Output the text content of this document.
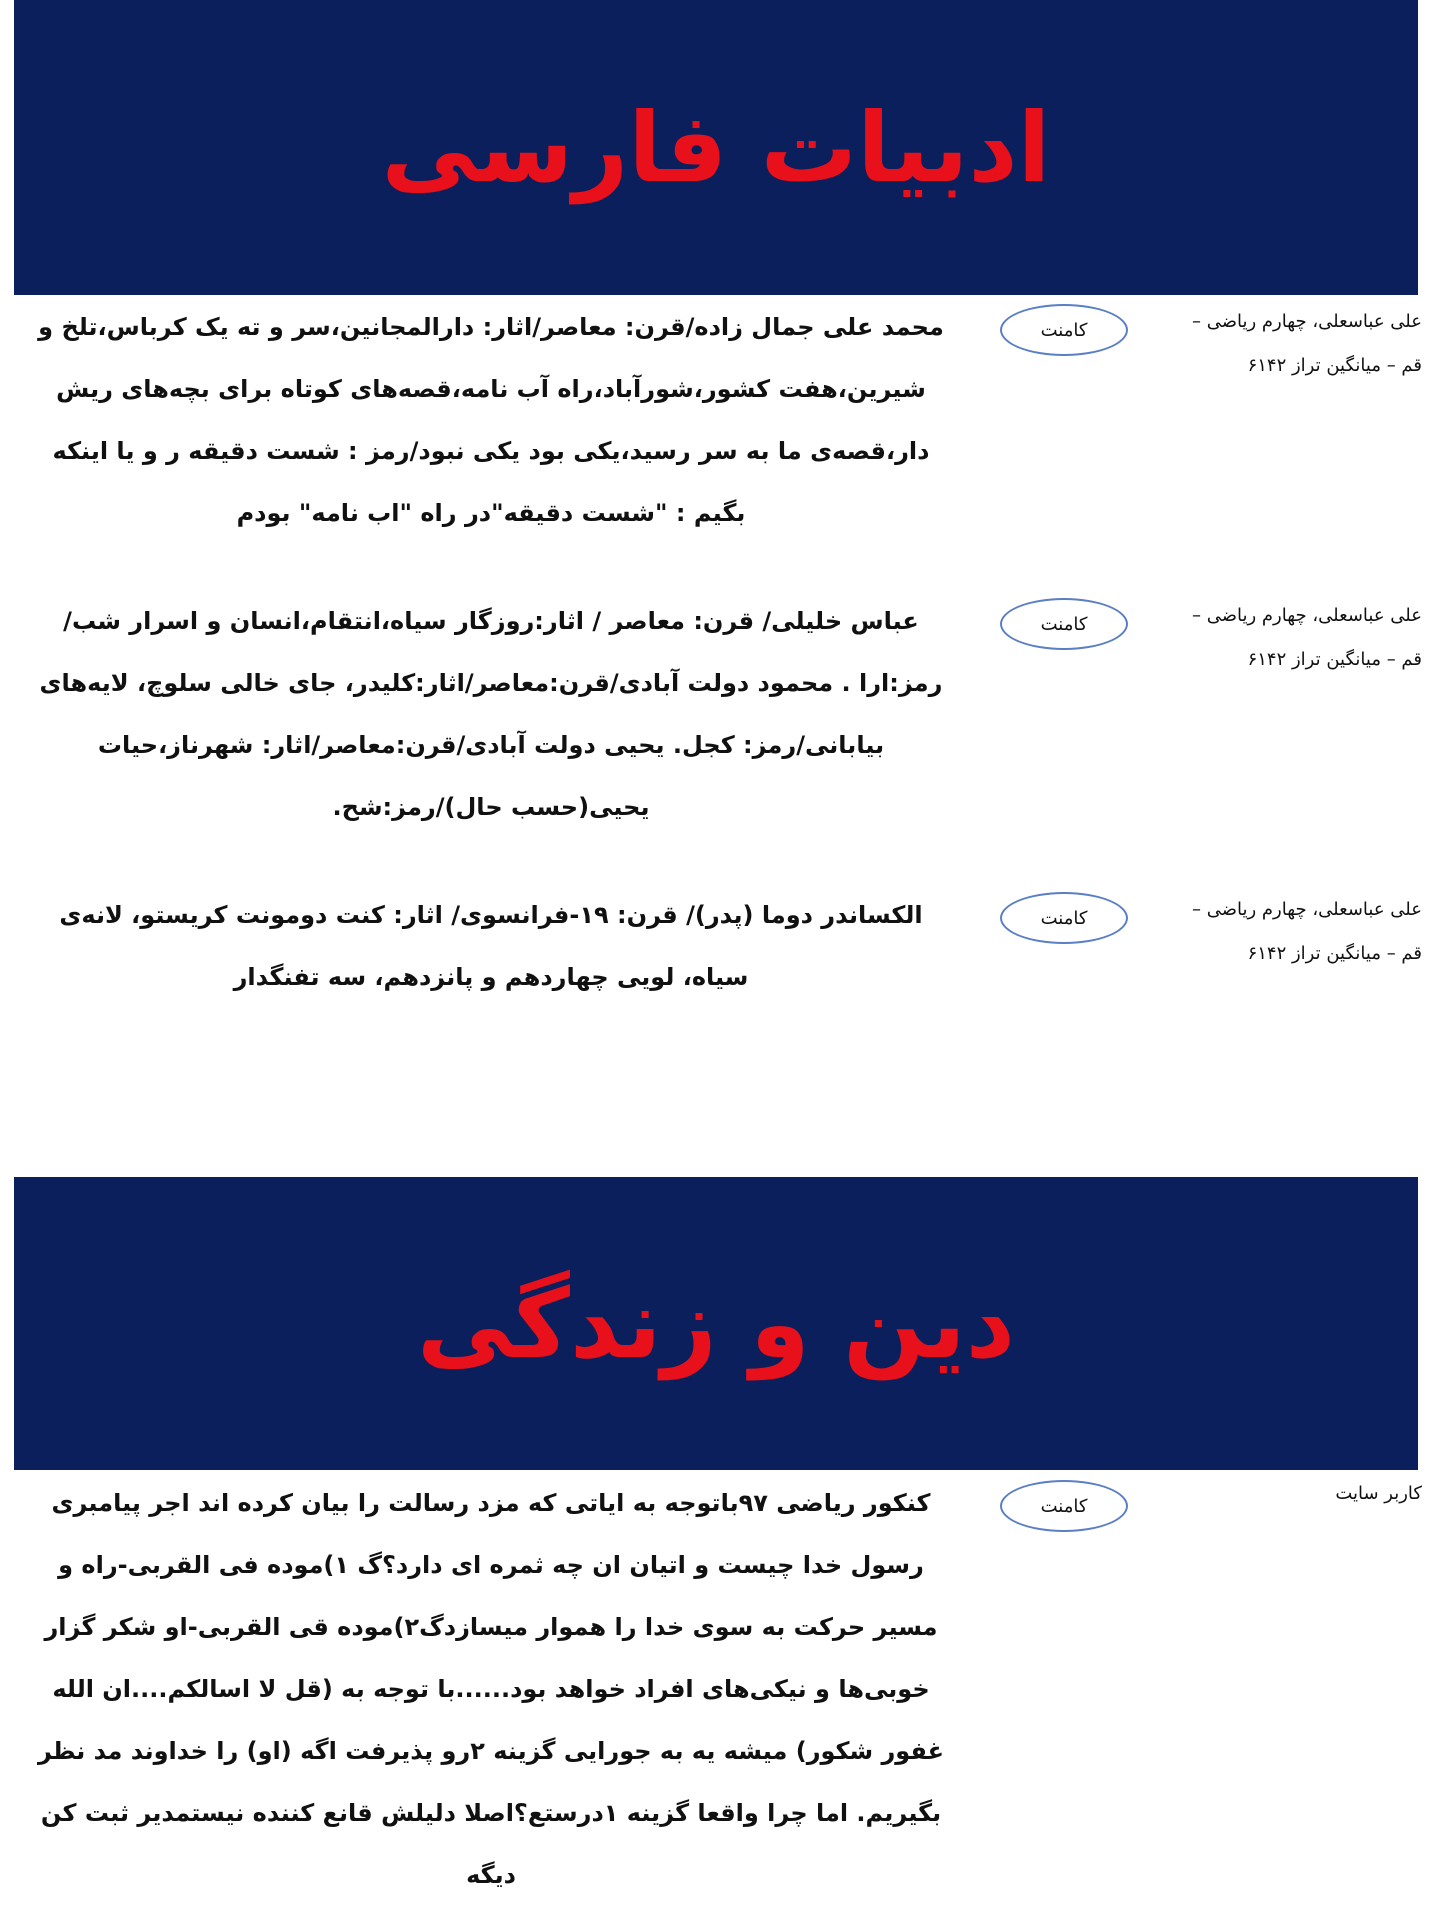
ادبیات فارسی
علی عباسعلی، چهارم ریاضی –
قم – میانگین تراز ۶۱۴۲
کامنت
محمد علی جمال زاده/قرن: معاصر/اثار: دارالمجانین،سر و ته یک کرباس،تلخ و شیرین،هفت کشور،شورآباد،راه آب نامه،قصه‌های کوتاه برای بچه‌های ریش دار،قصه‌ی ما به سر رسید،یکی بود یکی نبود/رمز : شست دقیقه ر و یا اینکه بگیم : "شست دقیقه"در راه "اب نامه" بودم
علی عباسعلی، چهارم ریاضی –
قم – میانگین تراز ۶۱۴۲
کامنت
عباس خلیلی/ قرن: معاصر / اثار:روزگار سیاه،انتقام،انسان و اسرار شب/ رمز:ارا . محمود دولت آبادی/قرن:معاصر/اثار:کلیدر، جای خالی سلوچ، لایه‌های بیابانی/رمز: کجل. یحیی دولت آبادی/قرن:معاصر/اثار: شهرناز،حیات یحیی(حسب حال)/رمز:شح.
علی عباسعلی، چهارم ریاضی –
قم – میانگین تراز ۶۱۴۲
کامنت
الکساندر دوما (پدر)/ قرن: ۱۹-فرانسوی/ اثار: کنت دومونت کریستو، لانه‌ی سیاه، لویی چهاردهم و پانزدهم، سه تفنگدار
دین و زندگی
کاربر سایت
کامنت
کنکور ریاضی ۹۷باتوجه به ایاتی که مزد رسالت را بیان کرده اند اجر پیامبری رسول خدا چیست و اتیان ان چه ثمره ای دارد؟گ ۱)موده فی القربی-راه و مسیر حرکت به سوی خدا را هموار میسازدگ۲)موده قی القربی-او شکر گزار خوبی‌ها و نیکی‌های افراد خواهد بود......با توجه به (قل لا اسالکم....ان الله غفور شکور) میشه یه به جورایی گزینه ۲رو پذیرفت اگه (او) را خداوند مد نظر بگیریم. اما چرا واقعا گزینه ۱درستع؟اصلا دلیلش قانع کننده نیستمدیر ثبت کن دیگه
